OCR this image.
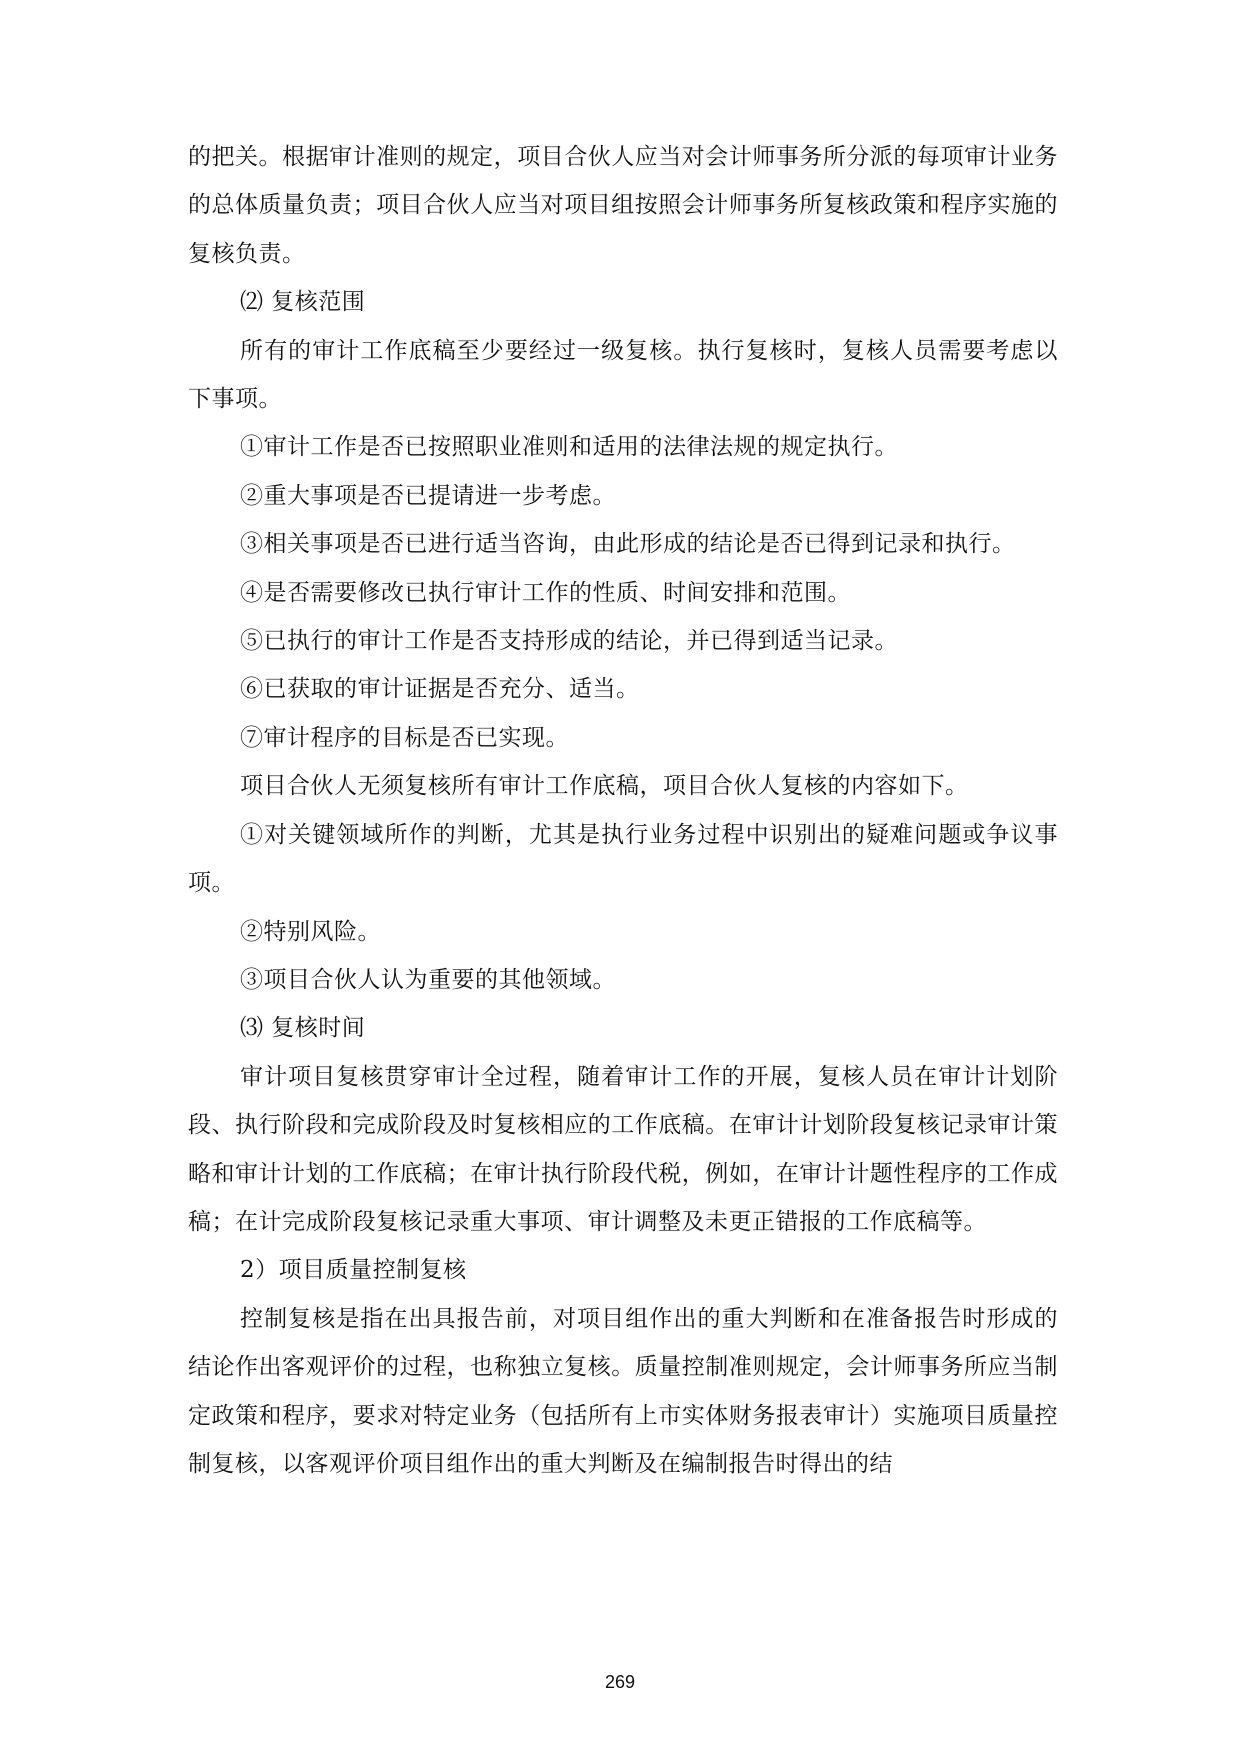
的把关。根据审计准则的规定，项目合伙人应当对会计师事务所分派的每项审计业务的总体质量负责；项目合伙人应当对项目组按照会计师事务所复核政策和程序实施的复核负责。

⑵ 复核范围

所有的审计工作底稿至少要经过一级复核。执行复核时，复核人员需要考虑以下事项。

①审计工作是否已按照职业准则和适用的法律法规的规定执行。

②重大事项是否已提请进一步考虑。

③相关事项是否已进行适当咨询，由此形成的结论是否已得到记录和执行。

④是否需要修改已执行审计工作的性质、时间安排和范围。

⑤已执行的审计工作是否支持形成的结论，并已得到适当记录。

⑥已获取的审计证据是否充分、适当。

⑦审计程序的目标是否已实现。

项目合伙人无须复核所有审计工作底稿，项目合伙人复核的内容如下。

①对关键领域所作的判断，尤其是执行业务过程中识别出的疑难问题或争议事项。

②特别风险。

③项目合伙人认为重要的其他领域。

⑶ 复核时间

审计项目复核贯穿审计全过程，随着审计工作的开展，复核人员在审计计划阶段、执行阶段和完成阶段及时复核相应的工作底稿。在审计计划阶段复核记录审计策略和审计计划的工作底稿；在审计执行阶段代税，例如，在审计计题性程序的工作成稿；在计完成阶段复核记录重大事项、审计调整及未更正错报的工作底稿等。

2）项目质量控制复核

控制复核是指在出具报告前，对项目组作出的重大判断和在准备报告时形成的结论作出客观评价的过程，也称独立复核。质量控制准则规定，会计师事务所应当制定政策和程序，要求对特定业务（包括所有上市实体财务报表审计）实施项目质量控制复核，以客观评价项目组作出的重大判断及在编制报告时得出的结

269
